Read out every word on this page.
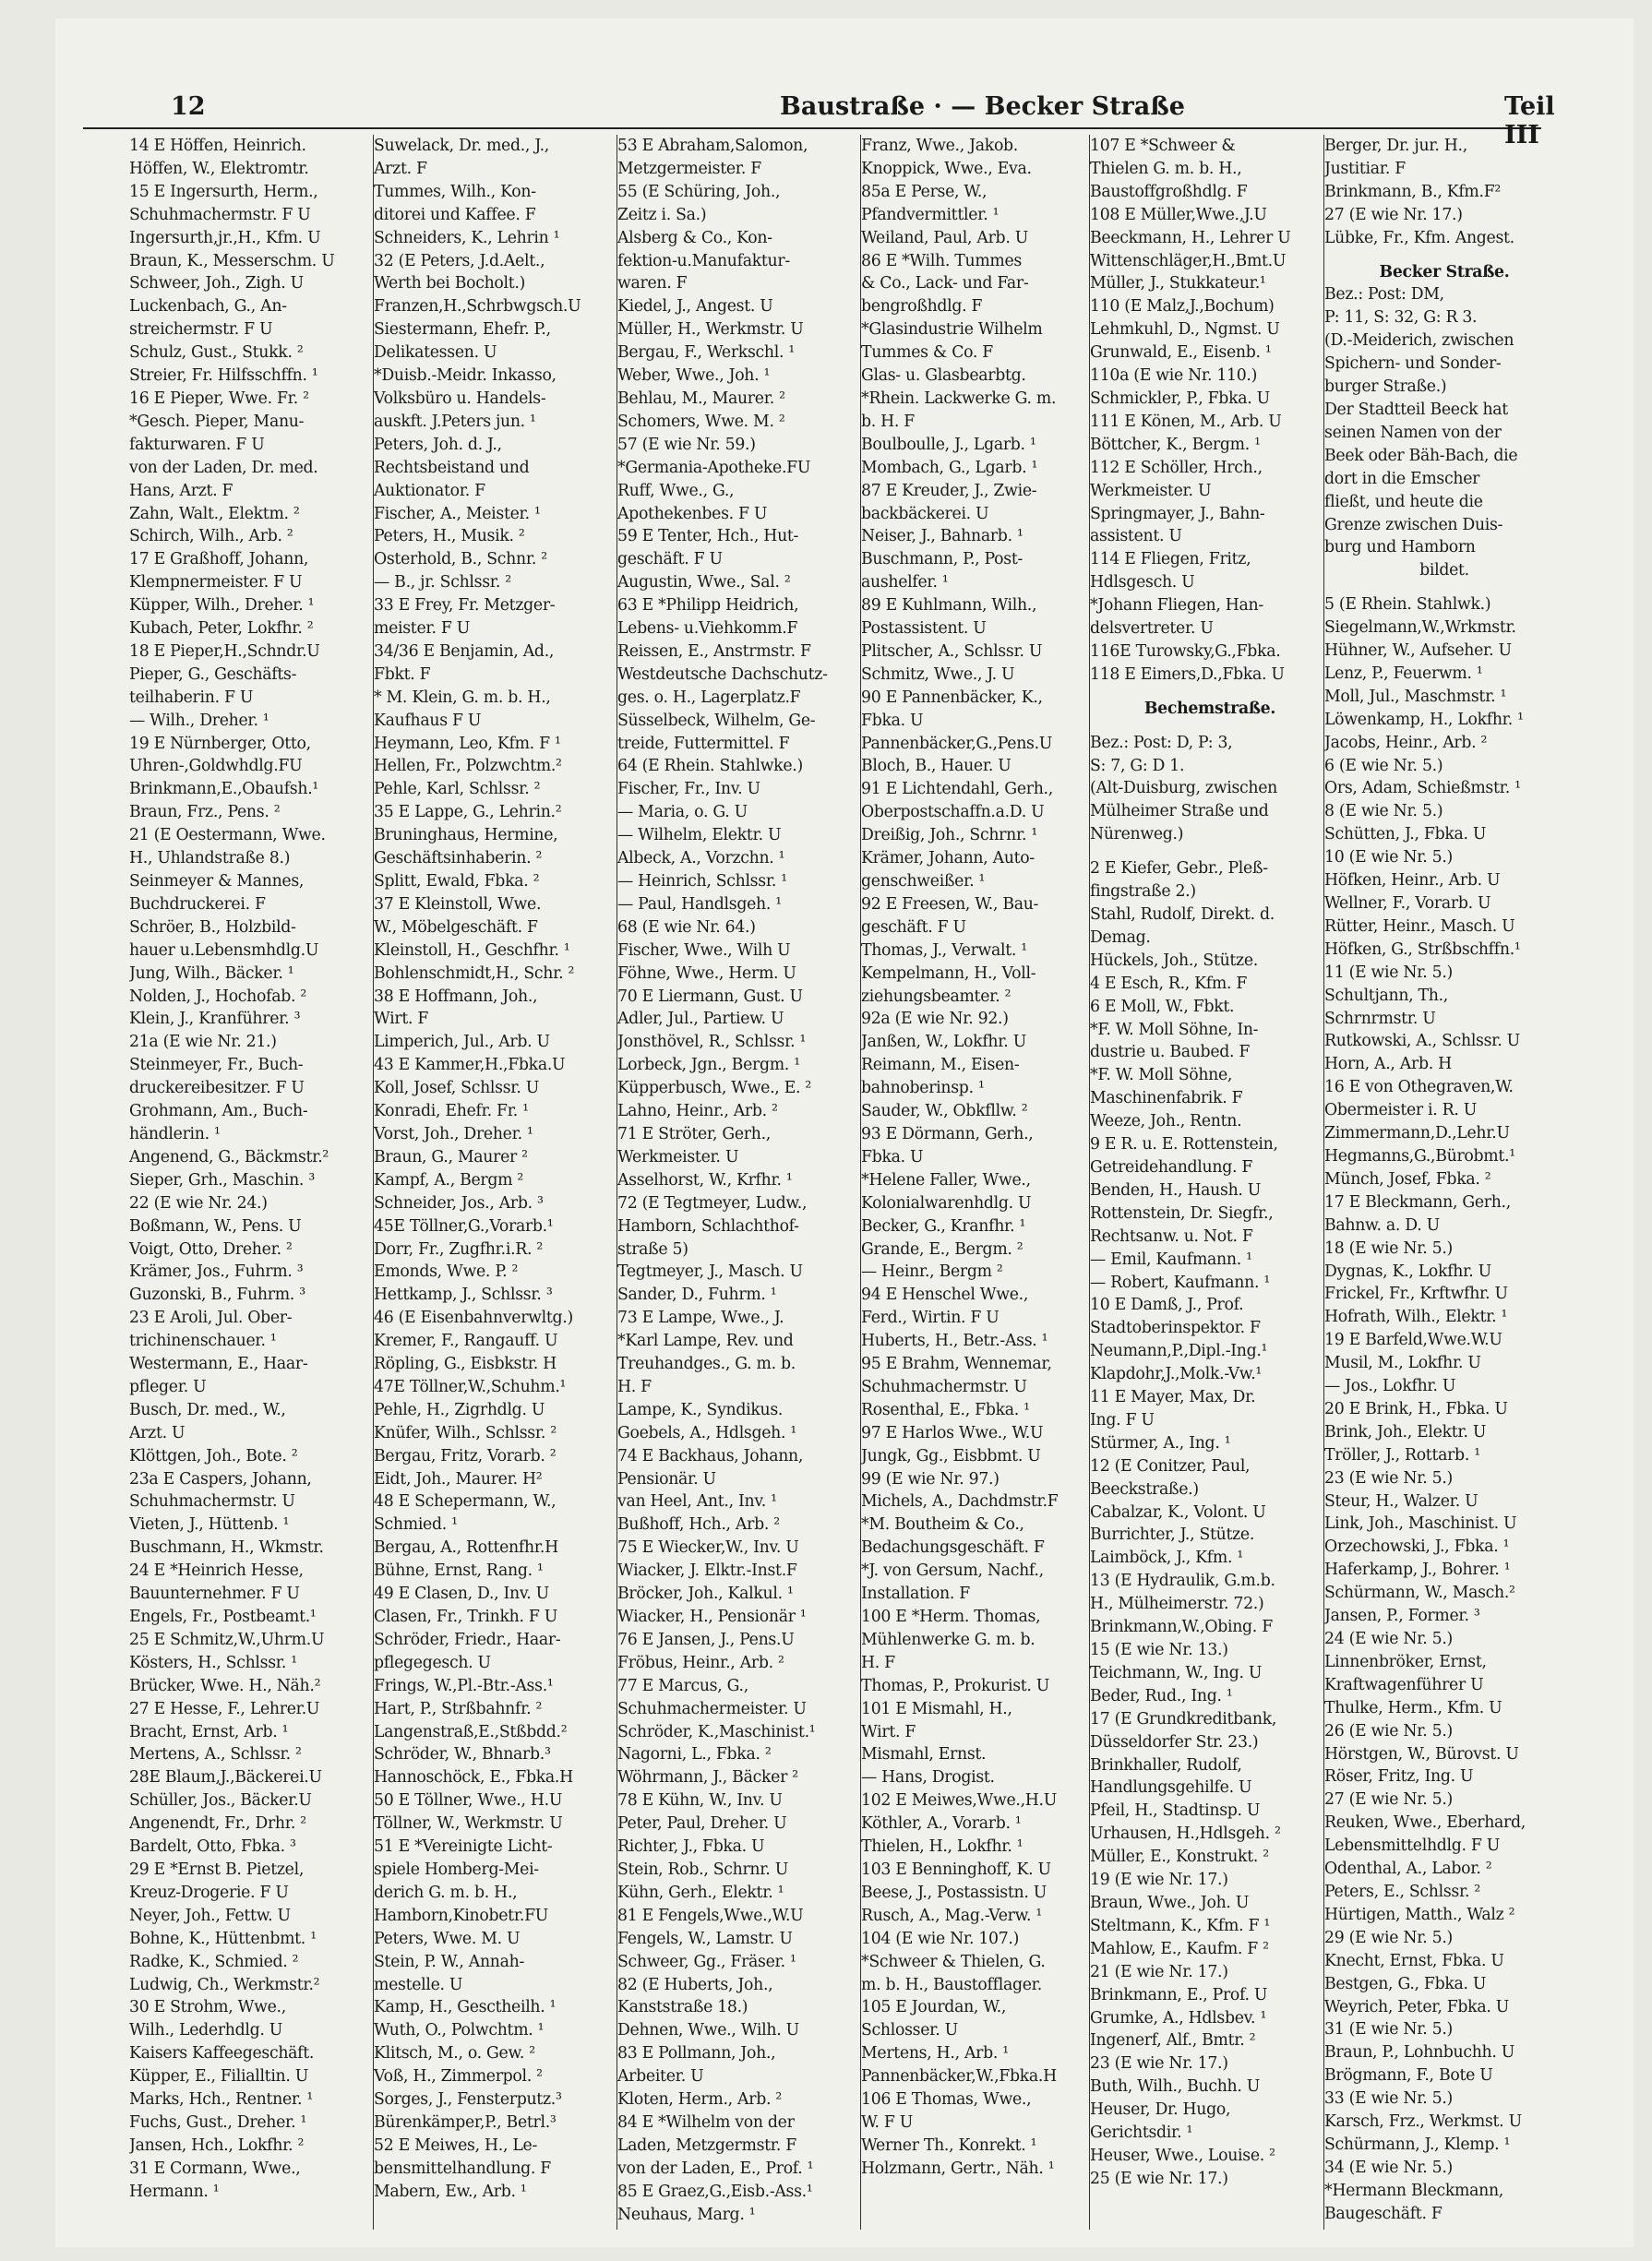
12	Baustraße · — Becker Straße	Teil III
14 E Höffen, Heinrich.
Höffen, W., Elektromtr.
15 E Ingersurth, Herm.,
Schuhmachermstr. F U
Ingersurth,jr.,H., Kfm. U
Braun, K., Messerschm. U
Schweer, Joh., Zigh. U
Luckenbach, G., An-
streichermstr. F U
Schulz, Gust., Stukk. ²
Streier, Fr. Hilfsschffn. ¹
16 E Pieper, Wwe. Fr. ²
*Gesch. Pieper, Manu-
fakturwaren. F U
von der Laden, Dr. med.
Hans, Arzt. F
Zahn, Walt., Elektm. ²
Schirch, Wilh., Arb. ²
17 E Graßhoff, Johann,
Klempnermeister. F U
Küpper, Wilh., Dreher. ¹
Kubach, Peter, Lokfhr. ²
18 E Pieper,H.,Schndr.U
Pieper, G., Geschäfts-
teilhaberin. F U
— Wilh., Dreher. ¹
19 E Nürnberger, Otto,
Uhren-,Goldwhdlg.FU
Brinkmann,E.,Obaufsh.¹
Braun, Frz., Pens. ²
21 (E Oestermann, Wwe.
H., Uhlandstraße 8.)
Seinmeyer & Mannes,
Buchdruckerei. F
Schröer, B., Holzbild-
hauer u.Lebensmhdlg.U
Jung, Wilh., Bäcker. ¹
Nolden, J., Hochofab. ²
Klein, J., Kranführer. ³
21a (E wie Nr. 21.)
Steinmeyer, Fr., Buch-
druckereibesitzer. F U
Grohmann, Am., Buch-
händlerin. ¹
Angenend, G., Bäckmstr.²
Sieper, Grh., Maschin. ³
22 (E wie Nr. 24.)
Boßmann, W., Pens. U
Voigt, Otto, Dreher. ²
Krämer, Jos., Fuhrm. ³
Guzonski, B., Fuhrm. ³
23 E Aroli, Jul. Ober-
trichinenschauer. ¹
Westermann, E., Haar-
pfleger. U
Busch, Dr. med., W.,
Arzt. U
Klöttgen, Joh., Bote. ²
23a E Caspers, Johann,
Schuhmachermstr. U
Vieten, J., Hüttenb. ¹
Buschmann, H., Wkmstr.
24 E *Heinrich Hesse,
Bauunternehmer. F U
Engels, Fr., Postbeamt.¹
25 E Schmitz,W.,Uhrm.U
Kösters, H., Schlssr. ¹
Brücker, Wwe. H., Näh.²
27 E Hesse, F., Lehrer.U
Bracht, Ernst, Arb. ¹
Mertens, A., Schlssr. ²
28E Blaum,J.,Bäckerei.U
Schüller, Jos., Bäcker.U
Angenendt, Fr., Drhr. ²
Bardelt, Otto, Fbka. ³
29 E *Ernst B. Pietzel,
Kreuz-Drogerie. F U
Neyer, Joh., Fettw. U
Bohne, K., Hüttenbmt. ¹
Radke, K., Schmied. ²
Ludwig, Ch., Werkmstr.²
30 E Strohm, Wwe.,
Wilh., Lederhdlg. U
Kaisers Kaffeegeschäft.
Küpper, E., Filialltin. U
Marks, Hch., Rentner. ¹
Fuchs, Gust., Dreher. ¹
Jansen, Hch., Lokfhr. ²
31 E Cormann, Wwe.,
Hermann. ¹
Suwelack, Dr. med., J.,
Arzt. F
Tummes, Wilh., Kon-
ditorei und Kaffee. F
Schneiders, K., Lehrin ¹
32 (E Peters, J.d.Aelt.,
Werth bei Bocholt.)
Franzen,H.,Schrbwgsch.U
Siestermann, Ehefr. P.,
Delikatessen. U
*Duisb.-Meidr. Inkasso,
Volksbüro u. Handels-
auskft. J.Peters jun. ¹
Peters, Joh. d. J.,
Rechtsbeistand und
Auktionator. F
Fischer, A., Meister. ¹
Peters, H., Musik. ²
Osterhold, B., Schnr. ²
— B., jr. Schlssr. ²
33 E Frey, Fr. Metzger-
meister. F U
34/36 E Benjamin, Ad.,
Fbkt. F
* M. Klein, G. m. b. H.,
Kaufhaus F U
Heymann, Leo, Kfm. F ¹
Hellen, Fr., Polzwchtm.²
Pehle, Karl, Schlssr. ²
35 E Lappe, G., Lehrin.²
Bruninghaus, Hermine,
Geschäftsinhaberin. ²
Splitt, Ewald, Fbka. ²
37 E Kleinstoll, Wwe.
W., Möbelgeschäft. F
Kleinstoll, H., Geschfhr. ¹
Bohlenschmidt,H., Schr. ²
38 E Hoffmann, Joh.,
Wirt. F
Limperich, Jul., Arb. U
43 E Kammer,H.,Fbka.U
Koll, Josef, Schlssr. U
Konradi, Ehefr. Fr. ¹
Vorst, Joh., Dreher. ¹
Braun, G., Maurer ²
Kampf, A., Bergm ²
Schneider, Jos., Arb. ³
45E Töllner,G.,Vorarb.¹
Dorr, Fr., Zugfhr.i.R. ²
Emonds, Wwe. P. ²
Hettkamp, J., Schlssr. ³
46 (E Eisenbahnverwltg.)
Kremer, F., Rangauff. U
Röpling, G., Eisbkstr. H
47E Töllner,W.,Schuhm.¹
Pehle, H., Zigrhdlg. U
Knüfer, Wilh., Schlssr. ²
Bergau, Fritz, Vorarb. ²
Eidt, Joh., Maurer. H²
48 E Schepermann, W.,
Schmied. ¹
Bergau, A., Rottenfhr.H
Bühne, Ernst, Rang. ¹
49 E Clasen, D., Inv. U
Clasen, Fr., Trinkh. F U
Schröder, Friedr., Haar-
pflegegesch. U
Frings, W.,Pl.-Btr.-Ass.¹
Hart, P., Strßbahnfr. ²
Langenstraß,E.,Stßbdd.²
Schröder, W., Bhnarb.³
Hannoschöck, E., Fbka.H
50 E Töllner, Wwe., H.U
Töllner, W., Werkmstr. U
51 E *Vereinigte Licht-
spiele Homberg-Mei-
derich G. m. b. H.,
Hamborn,Kinobetr.FU
Peters, Wwe. M. U
Stein, P. W., Annah-
mestelle. U
Kamp, H., Gesctheilh. ¹
Wuth, O., Polwchtm. ¹
Klitsch, M., o. Gew. ²
Voß, H., Zimmerpol. ²
Sorges, J., Fensterputz.³
Bürenkämper,P., Betrl.³
52 E Meiwes, H., Le-
bensmittelhandlung. F
Mabern, Ew., Arb. ¹
53 E Abraham,Salomon,
Metzgermeister. F
55 (E Schüring, Joh.,
Zeitz i. Sa.)
Alsberg & Co., Kon-
fektion-u.Manufaktur-
waren. F
Kiedel, J., Angest. U
Müller, H., Werkmstr. U
Bergau, F., Werkschl. ¹
Weber, Wwe., Joh. ¹
Behlau, M., Maurer. ²
Schomers, Wwe. M. ²
57 (E wie Nr. 59.)
*Germania-Apotheke.FU
Ruff, Wwe., G.,
Apothekenbes. F U
59 E Tenter, Hch., Hut-
geschäft. F U
Augustin, Wwe., Sal. ²
63 E *Philipp Heidrich,
Lebens- u.Viehkomm.F
Reissen, E., Anstrmstr. F
Westdeutsche Dachschutz-
ges. o. H., Lagerplatz.F
Süsselbeck, Wilhelm, Ge-
treide, Futtermittel. F
64 (E Rhein. Stahlwke.)
Fischer, Fr., Inv. U
— Maria, o. G. U
— Wilhelm, Elektr. U
Albeck, A., Vorzchn. ¹
— Heinrich, Schlssr. ¹
— Paul, Handlsgeh. ¹
68 (E wie Nr. 64.)
Fischer, Wwe., Wilh U
Föhne, Wwe., Herm. U
70 E Liermann, Gust. U
Adler, Jul., Partiew. U
Jonsthövel, R., Schlssr. ¹
Lorbeck, Jgn., Bergm. ¹
Küpperbusch, Wwe., E. ²
Lahno, Heinr., Arb. ²
71 E Ströter, Gerh.,
Werkmeister. U
Asselhorst, W., Krfhr. ¹
72 (E Tegtmeyer, Ludw.,
Hamborn, Schlachthof-
straße 5)
Tegtmeyer, J., Masch. U
Sander, D., Fuhrm. ¹
73 E Lampe, Wwe., J.
*Karl Lampe, Rev. und
Treuhandges., G. m. b.
H. F
Lampe, K., Syndikus.
Goebels, A., Hdlsgeh. ¹
74 E Backhaus, Johann,
Pensionär. U
van Heel, Ant., Inv. ¹
Bußhoff, Hch., Arb. ²
75 E Wiecker,W., Inv. U
Wiacker, J. Elktr.-Inst.F
Bröcker, Joh., Kalkul. ¹
Wiacker, H., Pensionär ¹
76 E Jansen, J., Pens.U
Fröbus, Heinr., Arb. ²
77 E Marcus, G.,
Schuhmachermeister. U
Schröder, K.,Maschinist.¹
Nagorni, L., Fbka. ²
Wöhrmann, J., Bäcker ²
78 E Kühn, W., Inv. U
Peter, Paul, Dreher. U
Richter, J., Fbka. U
Stein, Rob., Schrnr. U
Kühn, Gerh., Elektr. ¹
81 E Fengels,Wwe.,W.U
Fengels, W., Lamstr. U
Schweer, Gg., Fräser. ¹
82 (E Huberts, Joh.,
Kanststraße 18.)
Dehnen, Wwe., Wilh. U
83 E Pollmann, Joh.,
Arbeiter. U
Kloten, Herm., Arb. ²
84 E *Wilhelm von der
Laden, Metzgermstr. F
von der Laden, E., Prof. ¹
85 E Graez,G.,Eisb.-Ass.¹
Neuhaus, Marg. ¹
Franz, Wwe., Jakob.
Knoppick, Wwe., Eva.
85a E Perse, W.,
Pfandvermittler. ¹
Weiland, Paul, Arb. U
86 E *Wilh. Tummes
& Co., Lack- und Far-
bengroßhdlg. F
*Glasindustrie Wilhelm
Tummes & Co. F
Glas- u. Glasbearbtg.
*Rhein. Lackwerke G. m.
b. H. F
Boulboulle, J., Lgarb. ¹
Mombach, G., Lgarb. ¹
87 E Kreuder, J., Zwie-
backbäckerei. U
Neiser, J., Bahnarb. ¹
Buschmann, P., Post-
aushelfer. ¹
89 E Kuhlmann, Wilh.,
Postassistent. U
Plitscher, A., Schlssr. U
Schmitz, Wwe., J. U
90 E Pannenbäcker, K.,
Fbka. U
Pannenbäcker,G.,Pens.U
Bloch, B., Hauer. U
91 E Lichtendahl, Gerh.,
Oberpostschaffn.a.D. U
Dreißig, Joh., Schrnr. ¹
Krämer, Johann, Auto-
genschweißer. ¹
92 E Freesen, W., Bau-
geschäft. F U
Thomas, J., Verwalt. ¹
Kempelmann, H., Voll-
ziehungsbeamter. ²
92a (E wie Nr. 92.)
Janßen, W., Lokfhr. U
Reimann, M., Eisen-
bahnoberinsp. ¹
Sauder, W., Obkfllw. ²
93 E Dörmann, Gerh.,
Fbka. U
*Helene Faller, Wwe.,
Kolonialwarenhdlg. U
Becker, G., Kranfhr. ¹
Grande, E., Bergm. ²
— Heinr., Bergm ²
94 E Henschel Wwe.,
Ferd., Wirtin. F U
Huberts, H., Betr.-Ass. ¹
95 E Brahm, Wennemar,
Schuhmachermstr. U
Rosenthal, E., Fbka. ¹
97 E Harlos Wwe., W.U
Jungk, Gg., Eisbbmt. U
99 (E wie Nr. 97.)
Michels, A., Dachdmstr.F
*M. Boutheim & Co.,
Bedachungsgeschäft. F
*J. von Gersum, Nachf.,
Installation. F
100 E *Herm. Thomas,
Mühlenwerke G. m. b.
H. F
Thomas, P., Prokurist. U
101 E Mismahl, H.,
Wirt. F
Mismahl, Ernst.
— Hans, Drogist.
102 E Meiwes,Wwe.,H.U
Köthler, A., Vorarb. ¹
Thielen, H., Lokfhr. ¹
103 E Benninghoff, K. U
Beese, J., Postassistn. U
Rusch, A., Mag.-Verw. ¹
104 (E wie Nr. 107.)
*Schweer & Thielen, G.
m. b. H., Baustofflager.
105 E Jourdan, W.,
Schlosser. U
Mertens, H., Arb. ¹
Pannenbäcker,W.,Fbka.H
106 E Thomas, Wwe.,
W. F U
Werner Th., Konrekt. ¹
Holzmann, Gertr., Näh. ¹
107 E *Schweer &
Thielen G. m. b. H.,
Baustoffgroßhdlg. F
108 E Müller,Wwe.,J.U
Beeckmann, H., Lehrer U
Wittenschläger,H.,Bmt.U
Müller, J., Stukkateur.¹
110 (E Malz,J.,Bochum)
Lehmkuhl, D., Ngmst. U
Grunwald, E., Eisenb. ¹
110a (E wie Nr. 110.)
Schmickler, P., Fbka. U
111 E Könen, M., Arb. U
Böttcher, K., Bergm. ¹
112 E Schöller, Hrch.,
Werkmeister. U
Springmayer, J., Bahn-
assistent. U
114 E Fliegen, Fritz,
Hdlsgesch. U
*Johann Fliegen, Han-
delsvertreter. U
116E Turowsky,G.,Fbka.
118 E Eimers,D.,Fbka. U
Bechemstraße.
Bez.: Post: D, P: 3,
S: 7, G: D 1.
(Alt-Duisburg, zwischen
Mülheimer Straße und
Nürenweg.)
2 E Kiefer, Gebr., Pleß-
fingstraße 2.)
Stahl, Rudolf, Direkt. d.
Demag.
Hückels, Joh., Stütze.
4 E Esch, R., Kfm. F
6 E Moll, W., Fbkt.
*F. W. Moll Söhne, In-
dustrie u. Baubed. F
*F. W. Moll Söhne,
Maschinenfabrik. F
Weeze, Joh., Rentn.
9 E R. u. E. Rottenstein,
Getreidehandlung. F
Benden, H., Haush. U
Rottenstein, Dr. Siegfr.,
Rechtsanw. u. Not. F
— Emil, Kaufmann. ¹
— Robert, Kaufmann. ¹
10 E Damß, J., Prof.
Stadtoberinspektor. F
Neumann,P.,Dipl.-Ing.¹
Klapdohr,J.,Molk.-Vw.¹
11 E Mayer, Max, Dr.
Ing. F U
Stürmer, A., Ing. ¹
12 (E Conitzer, Paul,
Beeckstraße.)
Cabalzar, K., Volont. U
Burrichter, J., Stütze.
Laimböck, J., Kfm. ¹
13 (E Hydraulik, G.m.b.
H., Mülheimerstr. 72.)
Brinkmann,W.,Obing. F
15 (E wie Nr. 13.)
Teichmann, W., Ing. U
Beder, Rud., Ing. ¹
17 (E Grundkreditbank,
Düsseldorfer Str. 23.)
Brinkhaller, Rudolf,
Handlungsgehilfe. U
Pfeil, H., Stadtinsp. U
Urhausen, H.,Hdlsgeh. ²
Müller, E., Konstrukt. ²
19 (E wie Nr. 17.)
Braun, Wwe., Joh. U
Steltmann, K., Kfm. F ¹
Mahlow, E., Kaufm. F ²
21 (E wie Nr. 17.)
Brinkmann, E., Prof. U
Grumke, A., Hdlsbev. ¹
Ingenerf, Alf., Bmtr. ²
23 (E wie Nr. 17.)
Buth, Wilh., Buchh. U
Heuser, Dr. Hugo,
Gerichtsdir. ¹
Heuser, Wwe., Louise. ²
25 (E wie Nr. 17.)
Berger, Dr. jur. H.,
Justitiar. F
Brinkmann, B., Kfm.F²
27 (E wie Nr. 17.)
Lübke, Fr., Kfm. Angest.
Becker Straße.
Bez.: Post: DM,
P: 11, S: 32, G: R 3.
(D.-Meiderich, zwischen
Spichern- und Sonder-
burger Straße.)
Der Stadtteil Beeck hat
seinen Namen von der
Beek oder Bäh-Bach, die
dort in die Emscher
fließt, und heute die
Grenze zwischen Duis-
burg und Hamborn
bildet.
5 (E Rhein. Stahlwk.)
Siegelmann,W.,Wrkmstr.
Hühner, W., Aufseher. U
Lenz, P., Feuerwm. ¹
Moll, Jul., Maschmstr. ¹
Löwenkamp, H., Lokfhr. ¹
Jacobs, Heinr., Arb. ²
6 (E wie Nr. 5.)
Ors, Adam, Schießmstr. ¹
8 (E wie Nr. 5.)
Schütten, J., Fbka. U
10 (E wie Nr. 5.)
Höfken, Heinr., Arb. U
Wellner, F., Vorarb. U
Rütter, Heinr., Masch. U
Höfken, G., Strßbschffn.¹
11 (E wie Nr. 5.)
Schultjann, Th.,
Schrnrmstr. U
Rutkowski, A., Schlssr. U
Horn, A., Arb. H
16 E von Othegraven,W.
Obermeister i. R. U
Zimmermann,D.,Lehr.U
Hegmanns,G.,Bürobmt.¹
Münch, Josef, Fbka. ²
17 E Bleckmann, Gerh.,
Bahnw. a. D. U
18 (E wie Nr. 5.)
Dygnas, K., Lokfhr. U
Frickel, Fr., Krftwfhr. U
Hofrath, Wilh., Elektr. ¹
19 E Barfeld,Wwe.W.U
Musil, M., Lokfhr. U
— Jos., Lokfhr. U
20 E Brink, H., Fbka. U
Brink, Joh., Elektr. U
Tröller, J., Rottarb. ¹
23 (E wie Nr. 5.)
Steur, H., Walzer. U
Link, Joh., Maschinist. U
Orzechowski, J., Fbka. ¹
Haferkamp, J., Bohrer. ¹
Schürmann, W., Masch.²
Jansen, P., Former. ³
24 (E wie Nr. 5.)
Linnenbröker, Ernst,
Kraftwagenführer U
Thulke, Herm., Kfm. U
26 (E wie Nr. 5.)
Hörstgen, W., Bürovst. U
Röser, Fritz, Ing. U
27 (E wie Nr. 5.)
Reuken, Wwe., Eberhard,
Lebensmittelhdlg. F U
Odenthal, A., Labor. ²
Peters, E., Schlssr. ²
Hürtigen, Matth., Walz ²
29 (E wie Nr. 5.)
Knecht, Ernst, Fbka. U
Bestgen, G., Fbka. U
Weyrich, Peter, Fbka. U
31 (E wie Nr. 5.)
Braun, P., Lohnbuchh. U
Brögmann, F., Bote U
33 (E wie Nr. 5.)
Karsch, Frz., Werkmst. U
Schürmann, J., Klemp. ¹
34 (E wie Nr. 5.)
*Hermann Bleckmann,
Baugeschäft. F
